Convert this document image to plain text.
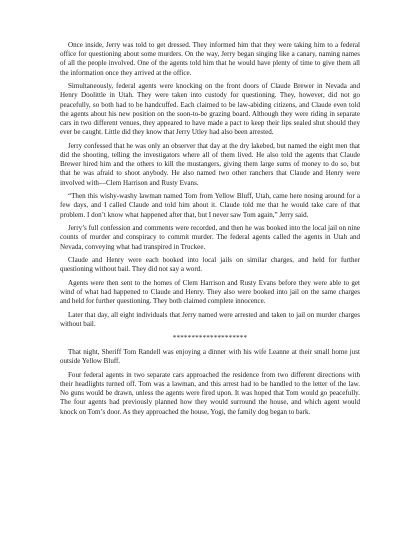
Once inside, Jerry was told to get dressed. They informed him that they were taking him to a federal office for questioning about some murders. On the way, Jerry began singing like a canary, naming names of all the people involved. One of the agents told him that he would have plenty of time to give them all the information once they arrived at the office.

Simultaneously, federal agents were knocking on the front doors of Claude Brewer in Nevada and Henry Doolittle in Utah. They were taken into custody for questioning. They, however, did not go peacefully, so both had to be handcuffed. Each claimed to be law-abiding citizens, and Claude even told the agents about his new position on the soon-to-be grazing board. Although they were riding in separate cars in two different venues, they appeared to have made a pact to keep their lips sealed shut should they ever be caught. Little did they know that Jerry Utley had also been arrested.

Jerry confessed that he was only an observer that day at the dry lakebed, but named the eight men that did the shooting, telling the investigators where all of them lived. He also told the agents that Claude Brewer hired him and the others to kill the mustangers, giving them large sums of money to do so, but that he was afraid to shoot anybody. He also named two other ranchers that Claude and Henry were involved with—Clem Harrison and Rusty Evans.

“Then this wishy-washy lawman named Tom from Yellow Bluff, Utah, came here nosing around for a few days, and I called Claude and told him about it. Claude told me that he would take care of that problem. I don’t know what happened after that, but I never saw Tom again,” Jerry said.

Jerry’s full confession and comments were recorded, and then he was booked into the local jail on nine counts of murder and conspiracy to commit murder. The federal agents called the agents in Utah and Nevada, conveying what had transpired in Truckee.

Claude and Henry were each booked into local jails on similar charges, and held for further questioning without bail. They did not say a word.

Agents were then sent to the homes of Clem Harrison and Rusty Evans before they were able to get wind of what had happened to Claude and Henry. They also were booked into jail on the same charges and held for further questioning. They both claimed complete innocence.

Later that day, all eight individuals that Jerry named were arrested and taken to jail on murder charges without bail.

********************

That night, Sheriff Tom Randell was enjoying a dinner with his wife Leanne at their small home just outside Yellow Bluff.

Four federal agents in two separate cars approached the residence from two different directions with their headlights turned off. Tom was a lawman, and this arrest had to be handled to the letter of the law. No guns would be drawn, unless the agents were fired upon. It was hoped that Tom would go peacefully. The four agents had previously planned how they would surround the house, and which agent would knock on Tom’s door. As they approached the house, Yogi, the family dog began to bark.
